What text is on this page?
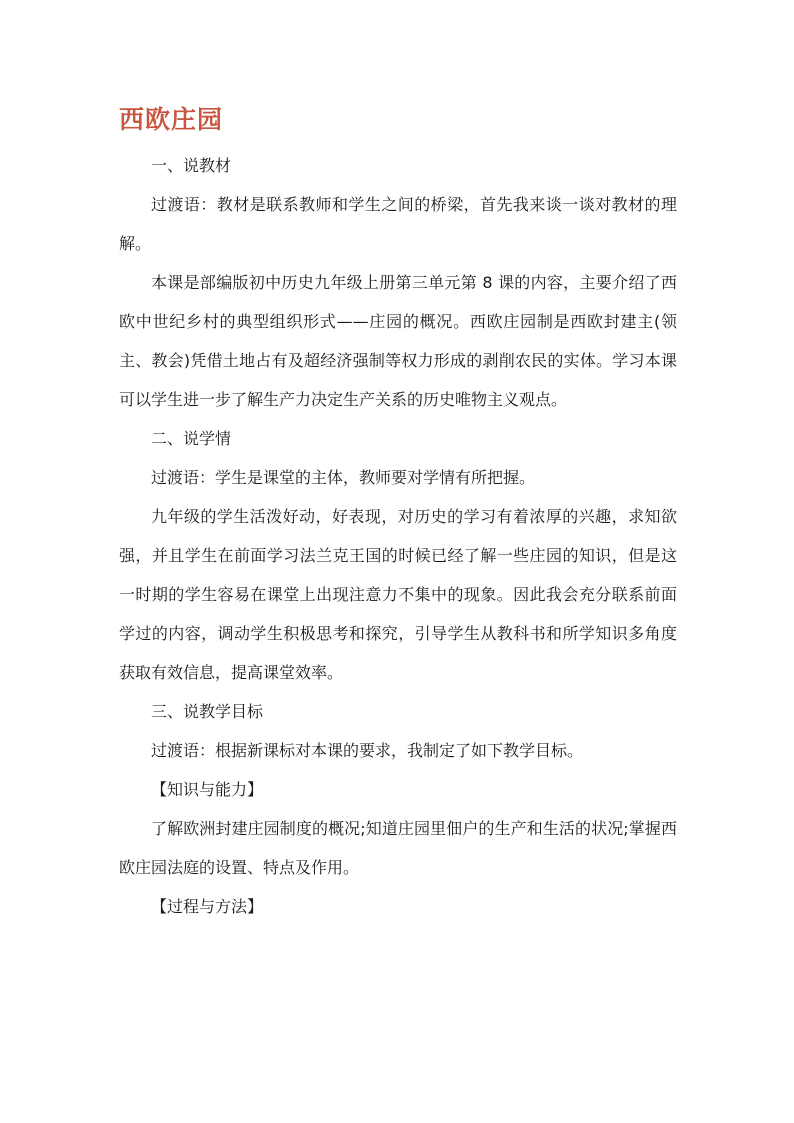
西欧庄园

一、说教材

过渡语：教材是联系教师和学生之间的桥梁，首先我来谈一谈对教材的理解。

本课是部编版初中历史九年级上册第三单元第 8 课的内容，主要介绍了西欧中世纪乡村的典型组织形式——庄园的概况。西欧庄园制是西欧封建主(领主、教会)凭借土地占有及超经济强制等权力形成的剥削农民的实体。学习本课可以学生进一步了解生产力决定生产关系的历史唯物主义观点。

二、说学情

过渡语：学生是课堂的主体，教师要对学情有所把握。

九年级的学生活泼好动，好表现，对历史的学习有着浓厚的兴趣，求知欲强，并且学生在前面学习法兰克王国的时候已经了解一些庄园的知识，但是这一时期的学生容易在课堂上出现注意力不集中的现象。因此我会充分联系前面学过的内容，调动学生积极思考和探究，引导学生从教科书和所学知识多角度获取有效信息，提高课堂效率。

三、说教学目标

过渡语：根据新课标对本课的要求，我制定了如下教学目标。

【知识与能力】

了解欧洲封建庄园制度的概况;知道庄园里佃户的生产和生活的状况;掌握西欧庄园法庭的设置、特点及作用。

【过程与方法】
